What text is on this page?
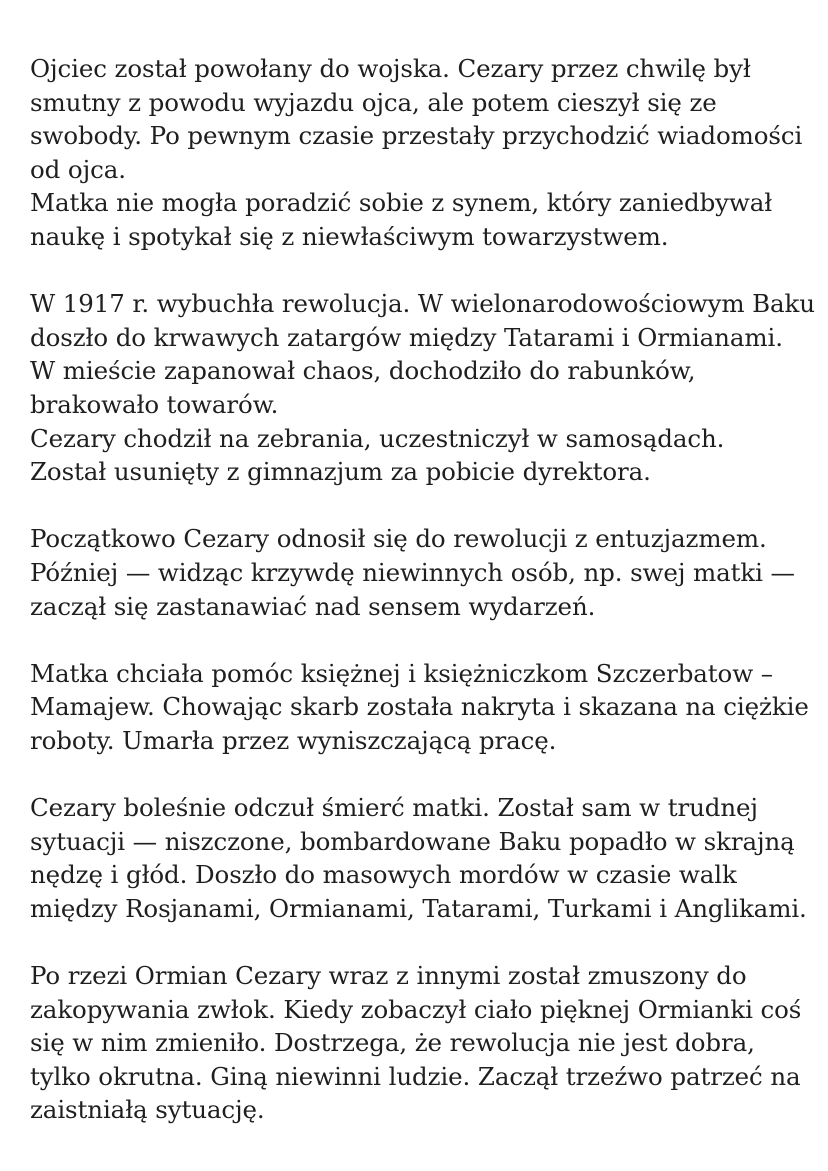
Ojciec został powołany do wojska. Cezary przez chwilę był
smutny z powodu wyjazdu ojca, ale potem cieszył się ze
swobody. Po pewnym czasie przestały przychodzić wiadomości
od ojca.
Matka nie mogła poradzić sobie z synem, który zaniedbywał
naukę i spotykał się z niewłaściwym towarzystwem.

W 1917 r. wybuchła rewolucja. W wielonarodowościowym Baku
doszło do krwawych zatargów między Tatarami i Ormianami.
W mieście zapanował chaos, dochodziło do rabunków,
brakowało towarów.
Cezary chodził na zebrania, uczestniczył w samosądach.
Został usunięty z gimnazjum za pobicie dyrektora.

Początkowo Cezary odnosił się do rewolucji z entuzjazmem.
Później — widząc krzywdę niewinnych osób, np. swej matki —
zaczął się zastanawiać nad sensem wydarzeń.

Matka chciała pomóc księżnej i księżniczkom Szczerbatow –
Mamajew. Chowając skarb została nakryta i skazana na ciężkie
roboty. Umarła przez wyniszczającą pracę.

Cezary boleśnie odczuł śmierć matki. Został sam w trudnej
sytuacji — niszczone, bombardowane Baku popadło w skrajną
nędzę i głód. Doszło do masowych mordów w czasie walk
między Rosjanami, Ormianami, Tatarami, Turkami i Anglikami.

Po rzezi Ormian Cezary wraz z innymi został zmuszony do
zakopywania zwłok. Kiedy zobaczył ciało pięknej Ormianki coś
się w nim zmieniło. Dostrzega, że rewolucja nie jest dobra,
tylko okrutna. Giną niewinni ludzie. Zaczął trzeźwo patrzeć na
zaistniałą sytuację.
